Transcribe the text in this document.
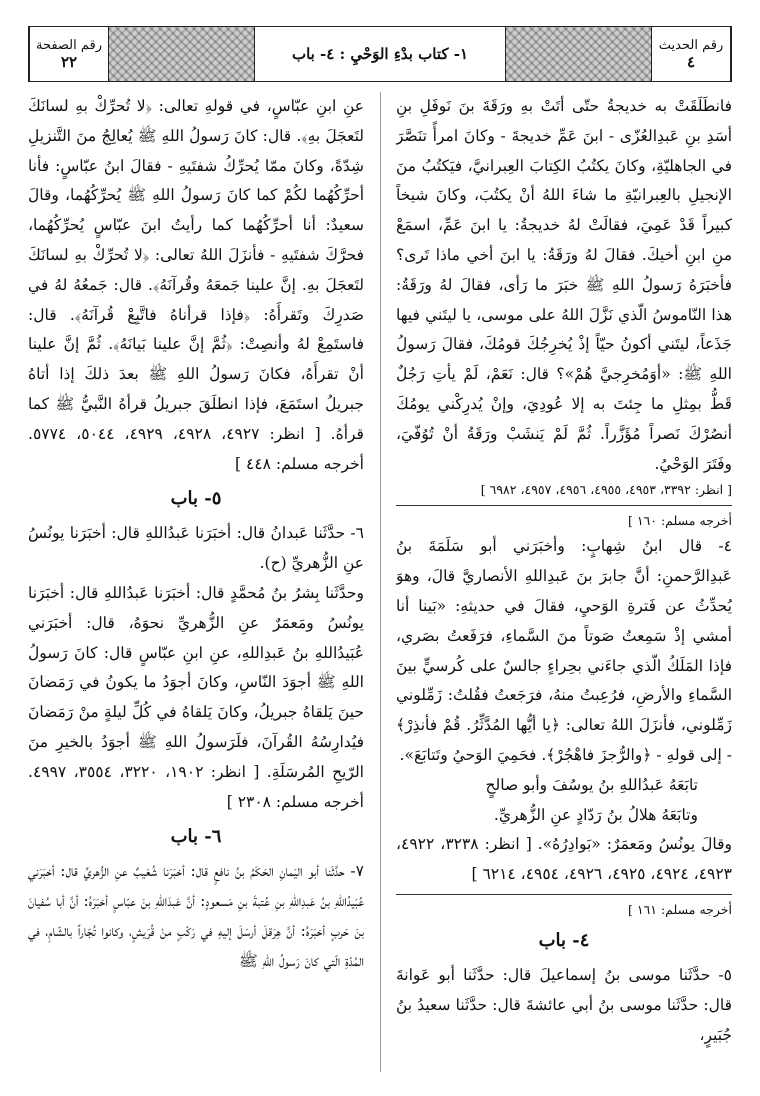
رقم الحديث
٤
١- كتاب بدْءِ الوَحْيِ : ٤- باب
رقم الصفحة
٢٢

فانطَلَقَتْ به خديجةُ حتّى أتَتْ بهِ ورَقَةَ بنَ نَوفَلِ بنِ أسَدِ بنِ عَبدِالعُزّى - ابنَ عَمِّ خديجةَ - وكانَ امرأً تنَصَّرَ في الجاهليّةِ، وكانَ يكتُبُ الكِتابَ العِبرانيَّ، فيَكتُبُ منَ الإنجيلِ بالعِبرانيّةِ ما شاءَ اللهُ أنْ يكتُبَ، وكانَ شيخاً كبيراً قَدْ عَمِيَ، فقالَتْ لهُ خديجةُ: يا ابنَ عَمِّ، اسمَعْ منِ ابنِ أخيكَ. فقالَ لهُ ورَقَةُ: يا ابنَ أخي ماذا تَرى؟ فأخبَرَهُ رَسولُ اللهِ ﷺ خبَرَ ما رَأى، فقالَ لهُ ورَقَةُ: هذا النّاموسُ الّذي نَزَّلَ اللهُ على موسى، يا ليتَني فيها جَذَعاً، ليتَني أكونُ حيّاً إذْ يُخرِجُكَ قومُكَ، فقالَ رَسولُ اللهِ ﷺ: «أوَمُخرِجيَّ هُمْ»؟ قال: نَعَمْ، لَمْ يأتِ رَجُلٌ قَطُّ بمِثلِ ما جِئتَ به إلا عُودِيَ، وإنْ يُدرِكْني يومُكَ أنصُرْكَ نَصراً مُؤَزَّراً. ثُمَّ لَمْ يَنشَبْ ورَقَةُ أنْ تُوُفّيَ، وفَتَرَ الوَحْيُ.

[ انظر: ٣٣٩٢، ٤٩٥٣، ٤٩٥٥، ٤٩٥٦، ٤٩٥٧، ٦٩٨٢ ]

أخرجه مسلم: ١٦٠ ]

٤- قال ابنُ شِهابٍ: وأخبَرَني أبو سَلَمَةَ بنُ عَبدِالرَّحمنِ: أنَّ جابرَ بنَ عَبدِاللهِ الأنصاريَّ قالَ، وهوَ يُحدِّثُ عن فَترةِ الوَحيِ، فقالَ في حديثهِ: «بَينا أنا أمشي إذْ سَمِعتُ صَوتاً منَ السَّماءِ، فرَفَعتُ بصَري، فإذا المَلَكُ الّذي جاءَني بحِراءٍ جالسٌ على كُرسيٍّ بينَ السَّماءِ والأرضِ، فرُعِبتُ منهُ، فرَجَعتُ فقُلتُ: زَمِّلوني زَمِّلوني، فأنزَلَ اللهُ تعالى: ﴿يا أيُّها المُدَّثِّرُ. قُمْ فأنذِرْ﴾ - إلى قولهِ - ﴿والرُّجزَ فاهْجُرْ﴾. فحَمِيَ الوَحيُ وتَتابَعَ».

تابَعَهُ عَبدُاللهِ بنُ يوسُفَ وأبو صالحٍ

وتابَعَهُ هلالُ بنُ رَدّادٍ عنِ الزُّهريِّ.

وقالَ يونُسُ ومَعمَرٌ: «بَوادِرُهُ». [ انظر: ٣٢٣٨، ٤٩٢٢، ٤٩٢٣، ٤٩٢٤، ٤٩٢٥، ٤٩٢٦، ٤٩٥٤، ٦٢١٤ ]

أخرجه مسلم: ١٦١ ]

٤- باب

٥- حدَّثَنا موسى بنُ إسماعيلَ قال: حدَّثَنا أبو عَوانةَ قال: حدَّثَنا موسى بنُ أبي عائشةَ قال: حدَّثَنا سعيدُ بنُ جُبَيرٍ،

عنِ ابنِ عبّاسٍ، في قولهِ تعالى: ﴿لا تُحرِّكْ بهِ لسانَكَ لتَعجَلَ بهِ﴾. قال: كانَ رَسولُ اللهِ ﷺ يُعالِجُ منَ التَّنزيلِ شِدّةً، وكانَ ممّا يُحرِّكُ شفتَيهِ - فقالَ ابنُ عبّاسٍ: فأنا أحرِّكُهُما لكُمْ كما كانَ رَسولُ اللهِ ﷺ يُحرِّكُهُما، وقالَ سعيدٌ: أنا أحرِّكُهُما كما رأيتُ ابنَ عبّاسٍ يُحرِّكُهُما، فحرَّكَ شفتَيهِ - فأنزَلَ اللهُ تعالى: ﴿لا تُحرِّكْ بهِ لسانَكَ لتَعجَلَ بهِ. إنَّ علينا جَمعَهُ وقُرآنَهُ﴾. قال: جَمعُهُ لهُ في صَدرِكَ وتَقرأَهُ: ﴿فإذا قرأناهُ فاتَّبِعْ قُرآنَهُ﴾. قال: فاستَمِعْ لهُ وأنصِتْ: ﴿ثُمَّ إنَّ علينا بَيانَهُ﴾. ثُمَّ إنَّ علينا أنْ تقرأَهُ، فكانَ رَسولُ اللهِ ﷺ بعدَ ذلكَ إذا أتاهُ جبريلُ استَمَعَ، فإذا انطلَقَ جبريلُ قرأهُ النَّبيُّ ﷺ كما قرأهُ. [ انظر: ٤٩٢٧، ٤٩٢٨، ٤٩٢٩، ٥٠٤٤، ٥٧٧٤. أخرجه مسلم: ٤٤٨ ]

٥- باب

٦- حدَّثَنا عَبدانُ قال: أخبَرَنا عَبدُاللهِ قال: أخبَرَنا يونُسُ عنِ الزُّهريِّ (ح).

وحدَّثَنا بِشرُ بنُ مُحمَّدٍ قال: أخبَرَنا عَبدُاللهِ قال: أخبَرَنا يونُسُ ومَعمَرٌ عنِ الزُّهريِّ نحوَهُ، قال: أخبَرَني عُبَيدُاللهِ بنُ عَبدِاللهِ، عنِ ابنِ عبّاسٍ قال: كانَ رَسولُ اللهِ ﷺ أجوَدَ النّاسِ، وكانَ أجوَدُ ما يكونُ في رَمَضانَ حينَ يَلقاهُ جبريلُ، وكانَ يَلقاهُ في كُلِّ ليلةٍ منْ رَمَضانَ فيُدارِسُهُ القُرآنَ، فلَرَسولُ اللهِ ﷺ أجوَدُ بالخيرِ منَ الرّيحِ المُرسَلَةِ. [ انظر: ١٩٠٢، ٣٢٢٠، ٣٥٥٤، ٤٩٩٧. أخرجه مسلم: ٢٣٠٨ ]

٦- باب

٧- حدَّثَنا أبو اليَمانِ الحَكَمُ بنُ نافعٍ قال: أخبَرَنا شُعَيبٌ عنِ الزُّهريِّ قال: أخبَرَني عُبَيدُاللهِ بنُ عَبدِاللهِ بنِ عُتبةَ بنِ مَسعودٍ: أنَّ عَبدَاللهِ بنَ عبّاسٍ أخبَرَهُ: أنَّ أبا سُفيانَ بنَ حَربٍ أخبَرَهُ: أنَّ هِرَقلَ أرسَلَ إليهِ في رَكْبٍ منْ قُرَيشٍ، وكانوا تُجّاراً بالشّامِ، في المُدّةِ الّتي كانَ رَسولُ اللهِ ﷺ
